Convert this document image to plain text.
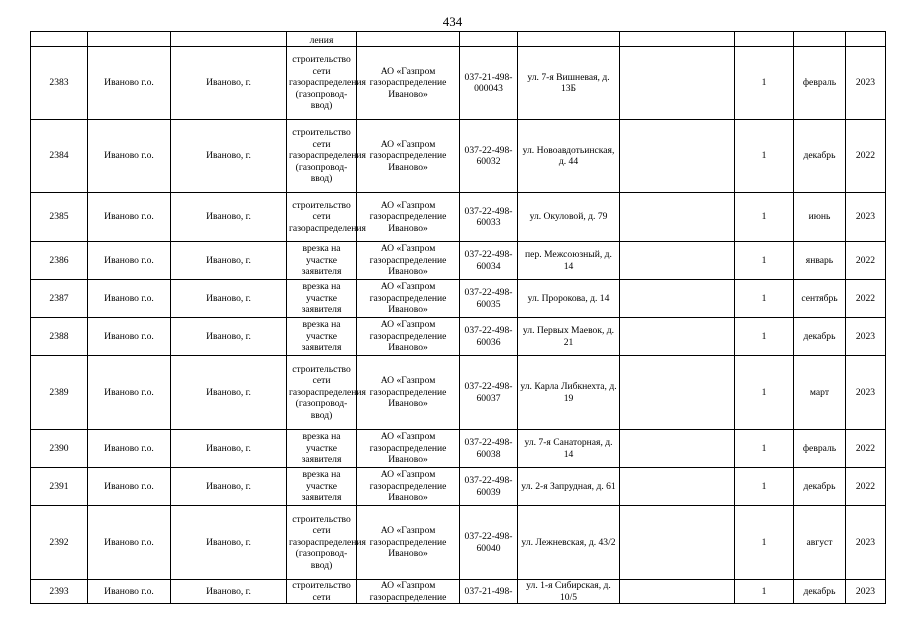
434
			ления							
2383	Иваново г.о.	Иваново, г.	строительство сети газораспределения (газопровод-ввод)	АО «Газпром газораспределение Иваново»	037-21-498-000043	ул. 7-я Вишневая, д. 13Б		1	февраль	2023
2384	Иваново г.о.	Иваново, г.	строительство сети газораспределения (газопровод-ввод)	АО «Газпром газораспределение Иваново»	037-22-498-60032	ул. Новоавдотьинская, д. 44		1	декабрь	2022
2385	Иваново г.о.	Иваново, г.	строительство сети газораспределения	АО «Газпром газораспределение Иваново»	037-22-498-60033	ул. Окуловой, д. 79		1	июнь	2023
2386	Иваново г.о.	Иваново, г.	врезка на участке заявителя	АО «Газпром газораспределение Иваново»	037-22-498-60034	пер. Межсоюзный, д. 14		1	январь	2022
2387	Иваново г.о.	Иваново, г.	врезка на участке заявителя	АО «Газпром газораспределение Иваново»	037-22-498-60035	ул. Пророкова, д. 14		1	сентябрь	2022
2388	Иваново г.о.	Иваново, г.	врезка на участке заявителя	АО «Газпром газораспределение Иваново»	037-22-498-60036	ул. Первых Маевок, д. 21		1	декабрь	2023
2389	Иваново г.о.	Иваново, г.	строительство сети газораспределения (газопровод-ввод)	АО «Газпром газораспределение Иваново»	037-22-498-60037	ул. Карла Либкнехта, д. 19		1	март	2023
2390	Иваново г.о.	Иваново, г.	врезка на участке заявителя	АО «Газпром газораспределение Иваново»	037-22-498-60038	ул. 7-я Санаторная, д. 14		1	февраль	2022
2391	Иваново г.о.	Иваново, г.	врезка на участке заявителя	АО «Газпром газораспределение Иваново»	037-22-498-60039	ул. 2-я Запрудная, д. 61		1	декабрь	2022
2392	Иваново г.о.	Иваново, г.	строительство сети газораспределения (газопровод-ввод)	АО «Газпром газораспределение Иваново»	037-22-498-60040	ул. Лежневская, д. 43/2		1	август	2023
2393	Иваново г.о.	Иваново, г.	строительство сети	АО «Газпром газораспределение	037-21-498-	ул. 1-я Сибирская, д. 10/5		1	декабрь	2023
